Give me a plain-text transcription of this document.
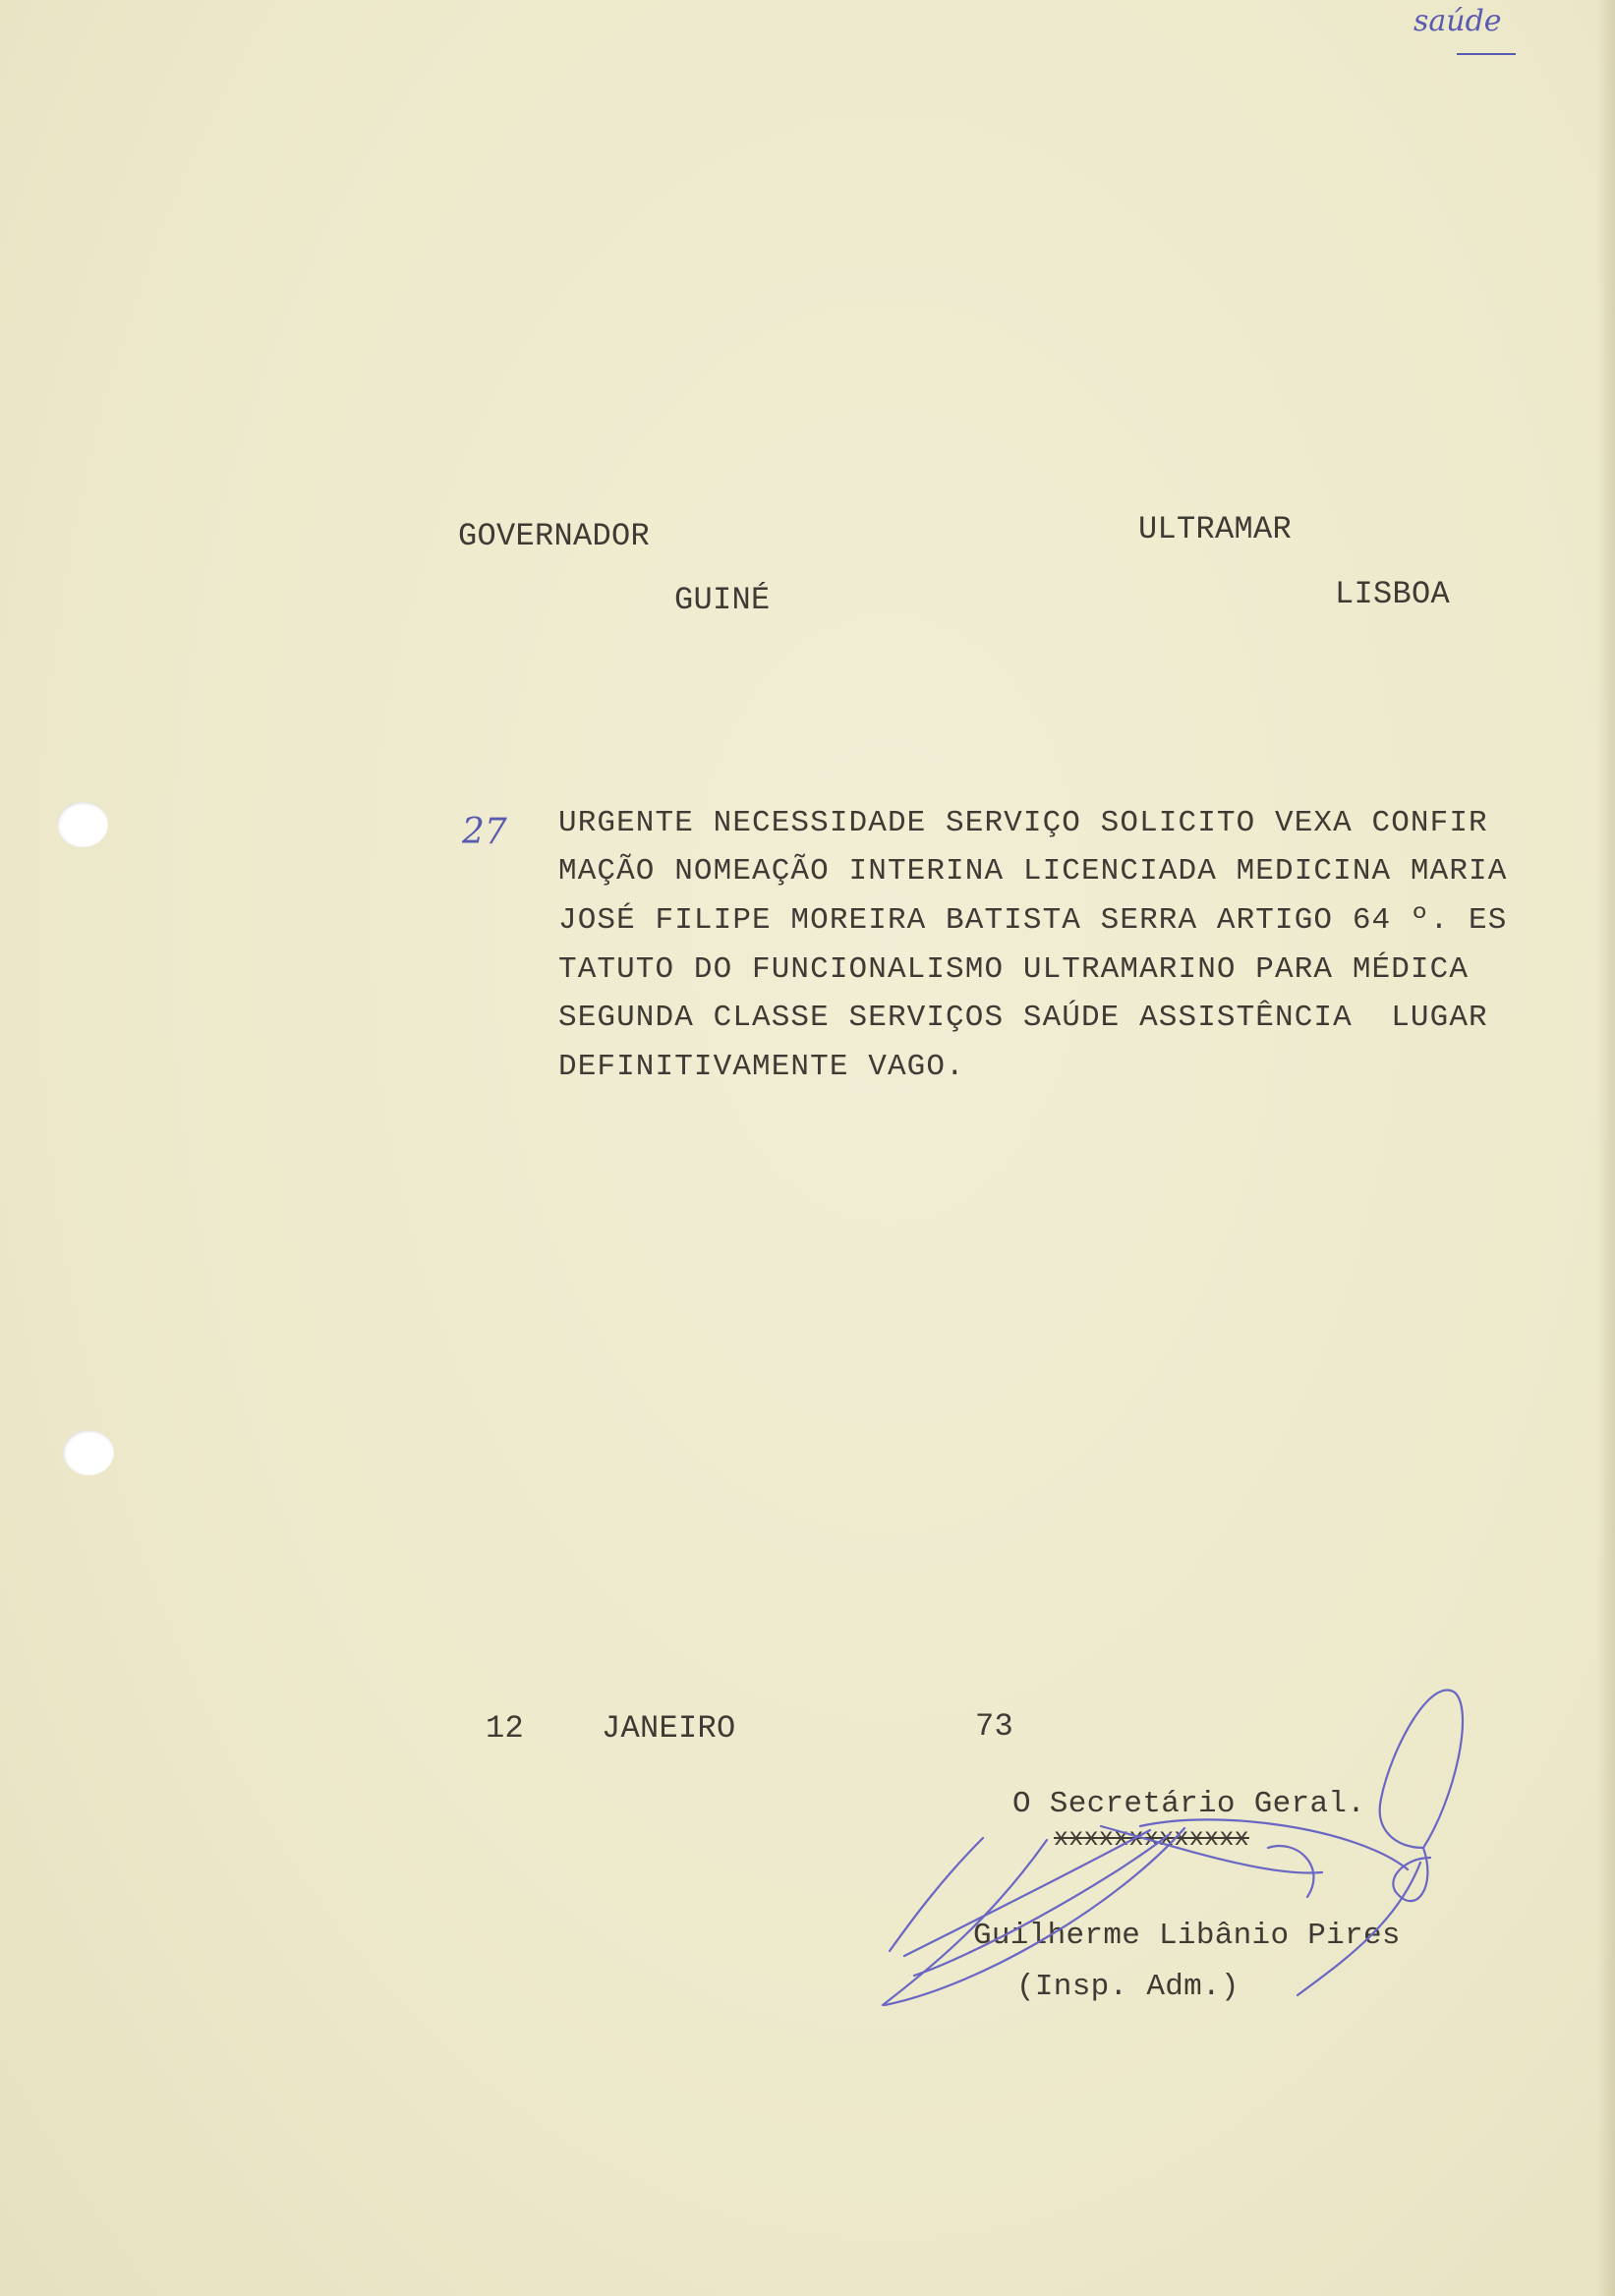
saúde
GOVERNADOR
GUINÉ
ULTRAMAR
LISBOA
27 URGENTE NECESSIDADE SERVIÇO SOLICITO VEXA CONFIR
MAÇÃO NOMEAÇÃO INTERINA LICENCIADA MEDICINA MARIA
JOSÉ FILIPE MOREIRA BATISTA SERRA ARTIGO 64 º. ES
TATUTO DO FUNCIONALISMO ULTRAMARINO PARA MÉDICA
SEGUNDA CLASSE SERVIÇOS SAÚDE ASSISTÊNCIA  LUGAR
DEFINITIVAMENTE VAGO.
12 JANEIRO	73
O Secretário Geral.
xxxxxxxxxxxxx
Guilherme Libânio Pires
(Insp. Adm.)
